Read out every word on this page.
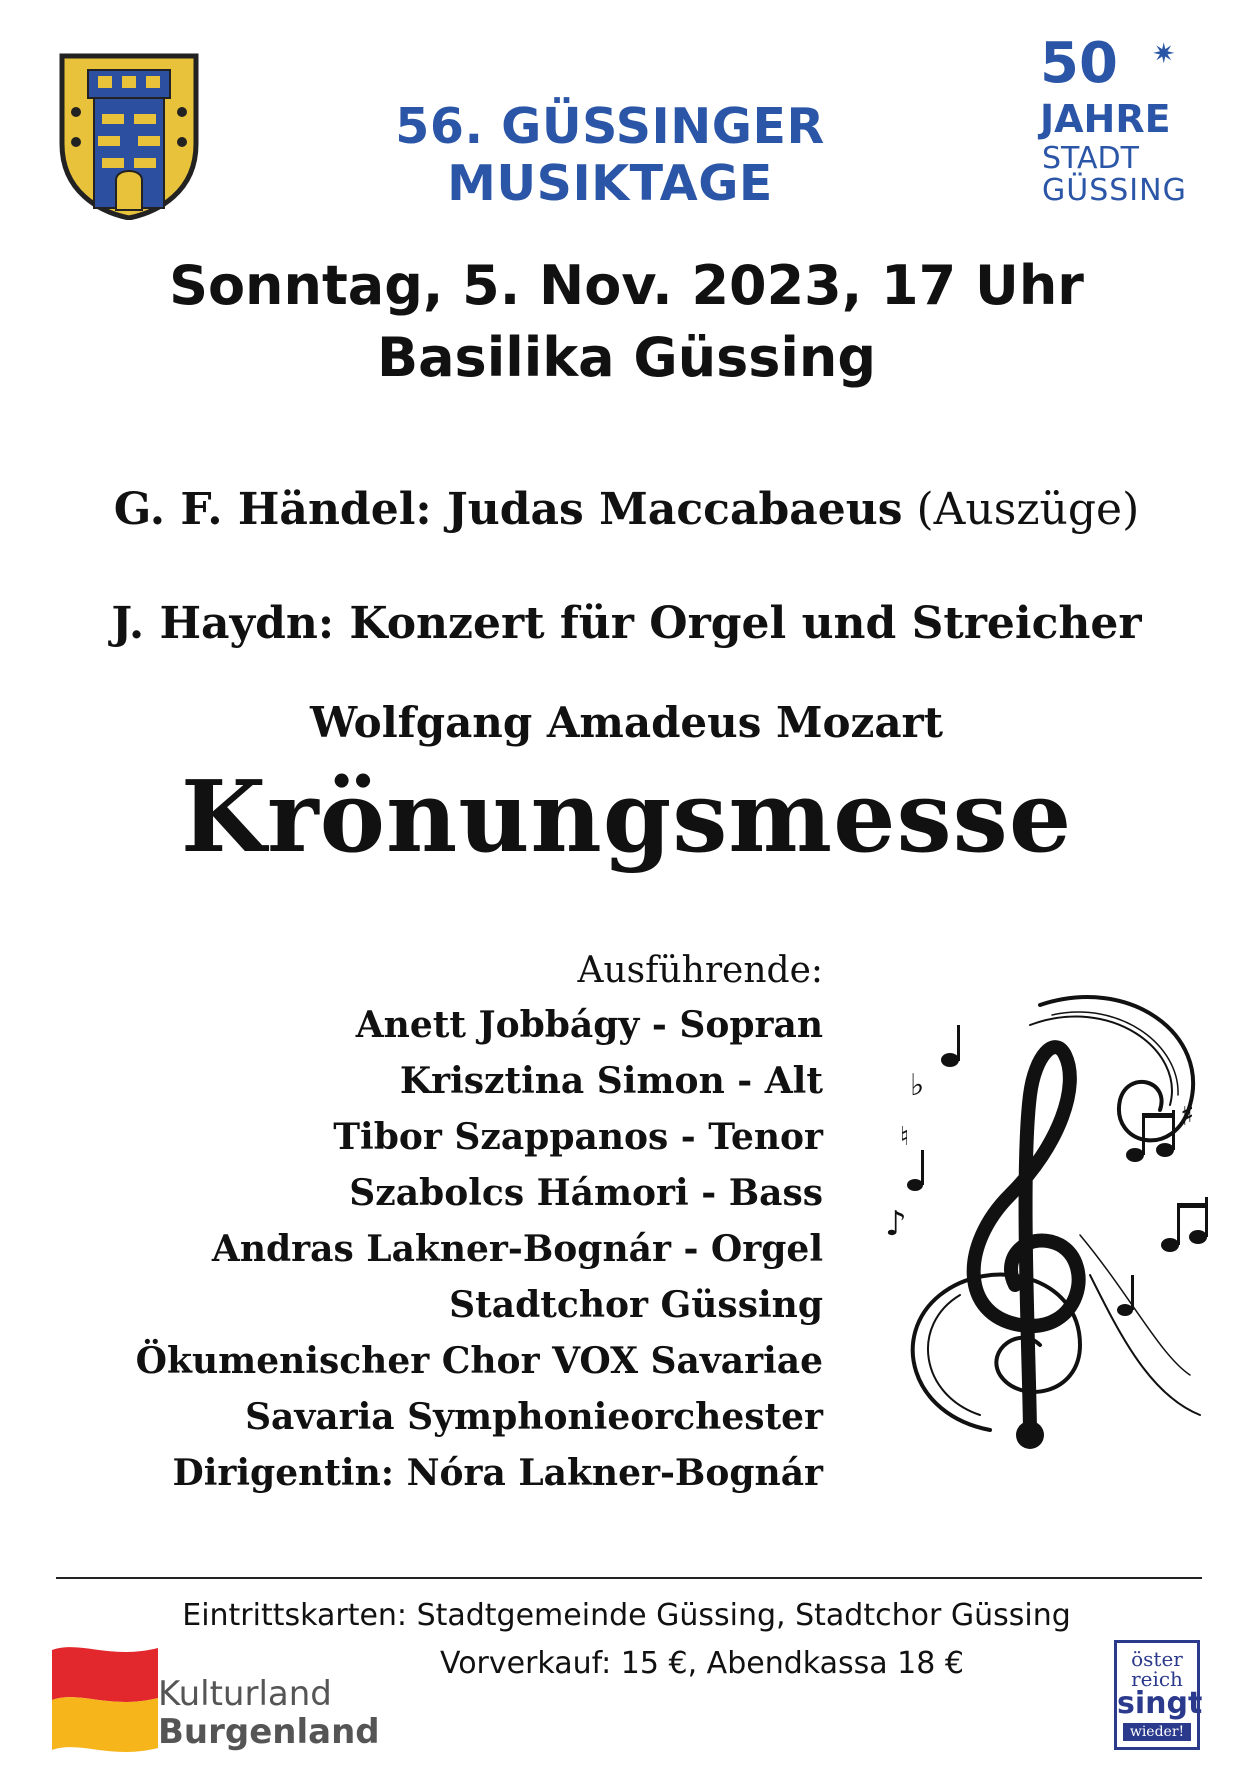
56. GÜSSINGER MUSIKTAGE
50 ✷
JAHRE
STADT
GÜSSING
Sonntag, 5. Nov. 2023, 17 Uhr
Basilika Güssing
G. F. Händel: Judas Maccabaeus (Auszüge)
J. Haydn: Konzert für Orgel und Streicher
Wolfgang Amadeus Mozart
Krönungsmesse
Ausführende:
Anett Jobbágy - Sopran
Krisztina Simon - Alt
Tibor Szappanos - Tenor
Szabolcs Hámori - Bass
Andras Lakner-Bognár - Orgel
Stadtchor Güssing
Ökumenischer Chor VOX Savariae
Savaria Symphonieorchester
Dirigentin: Nóra Lakner-Bognár
♯
♭
♮
♪
Eintrittskarten: Stadtgemeinde Güssing, Stadtchor Güssing
Vorverkauf: 15 €, Abendkassa 18 €
Kulturland
Burgenland
öster
reich
singt
wieder!
